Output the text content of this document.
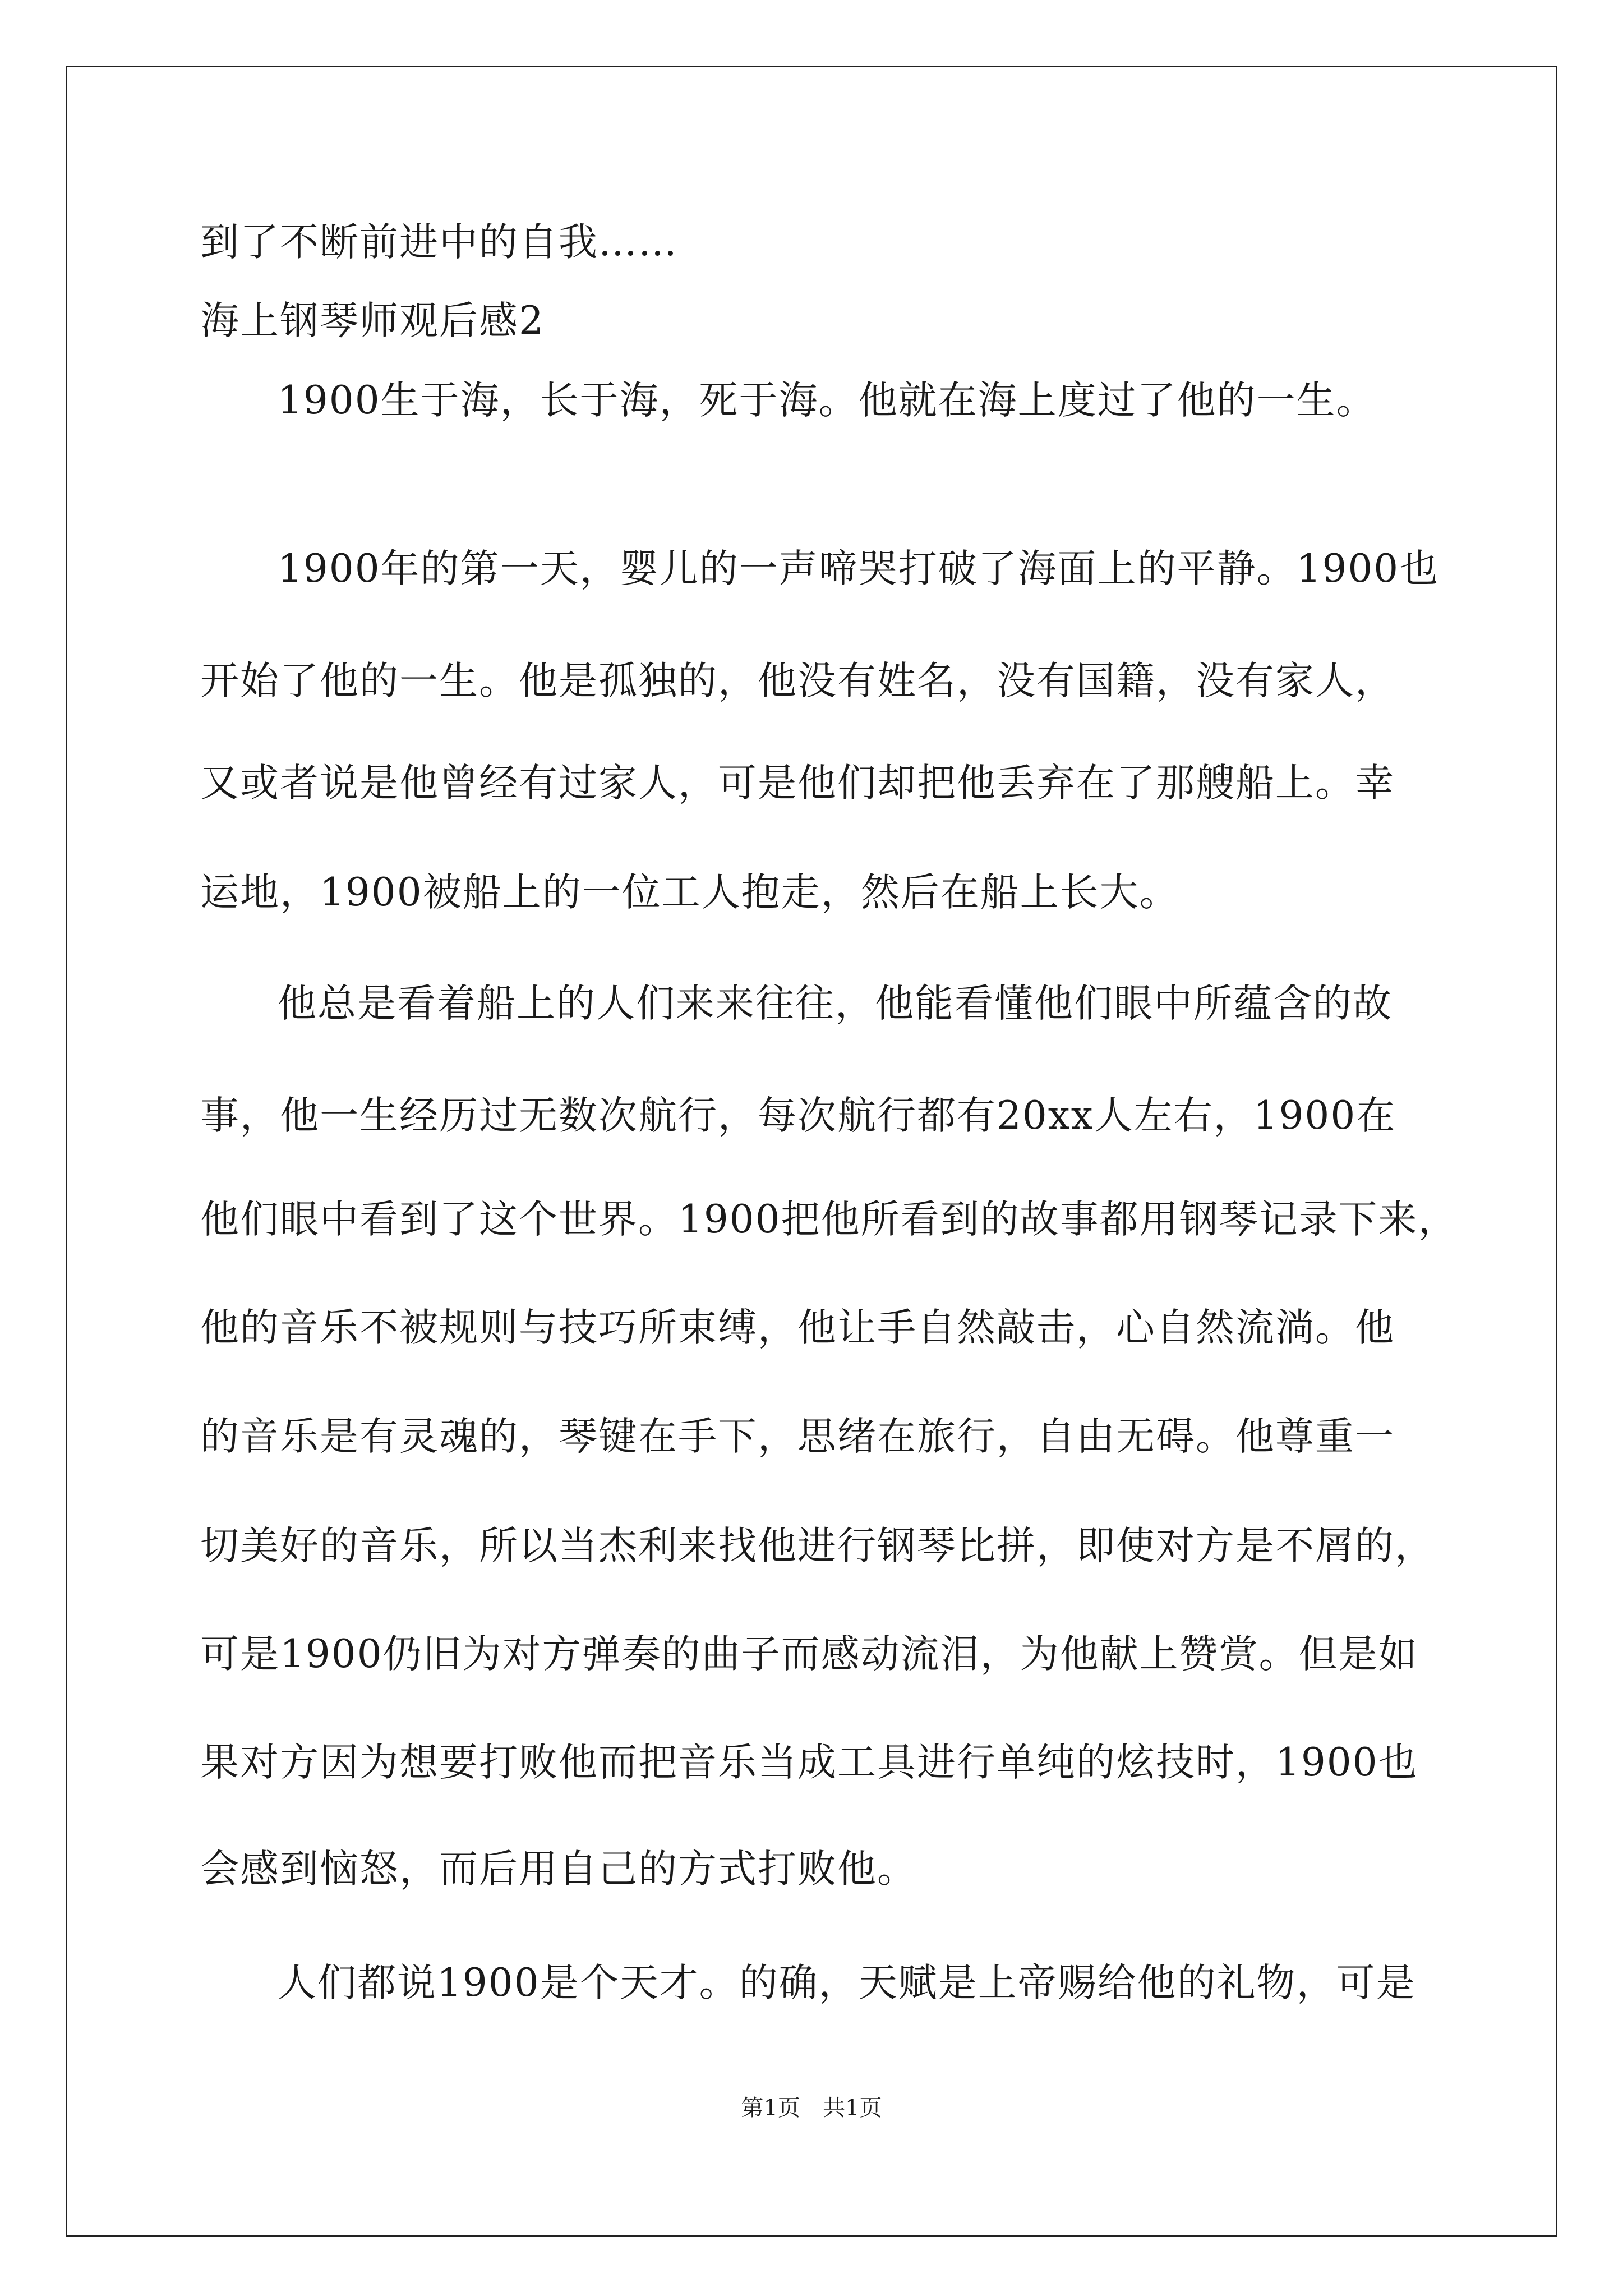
到了不断前进中的自我……
海上钢琴师观后感2
1900生于海，长于海，死于海。他就在海上度过了他的一生。
1900年的第一天，婴儿的一声啼哭打破了海面上的平静。1900也
开始了他的一生。他是孤独的，他没有姓名，没有国籍，没有家人，
又或者说是他曾经有过家人，可是他们却把他丢弃在了那艘船上。幸
运地，1900被船上的一位工人抱走，然后在船上长大。
他总是看着船上的人们来来往往，他能看懂他们眼中所蕴含的故
事，他一生经历过无数次航行，每次航行都有20xx人左右，1900在
他们眼中看到了这个世界。1900把他所看到的故事都用钢琴记录下来，
他的音乐不被规则与技巧所束缚，他让手自然敲击，心自然流淌。他
的音乐是有灵魂的，琴键在手下，思绪在旅行，自由无碍。他尊重一
切美好的音乐，所以当杰利来找他进行钢琴比拼，即使对方是不屑的，
可是1900仍旧为对方弹奏的曲子而感动流泪，为他献上赞赏。但是如
果对方因为想要打败他而把音乐当成工具进行单纯的炫技时，1900也
会感到恼怒，而后用自己的方式打败他。
人们都说1900是个天才。的确，天赋是上帝赐给他的礼物，可是
第1页　共1页
